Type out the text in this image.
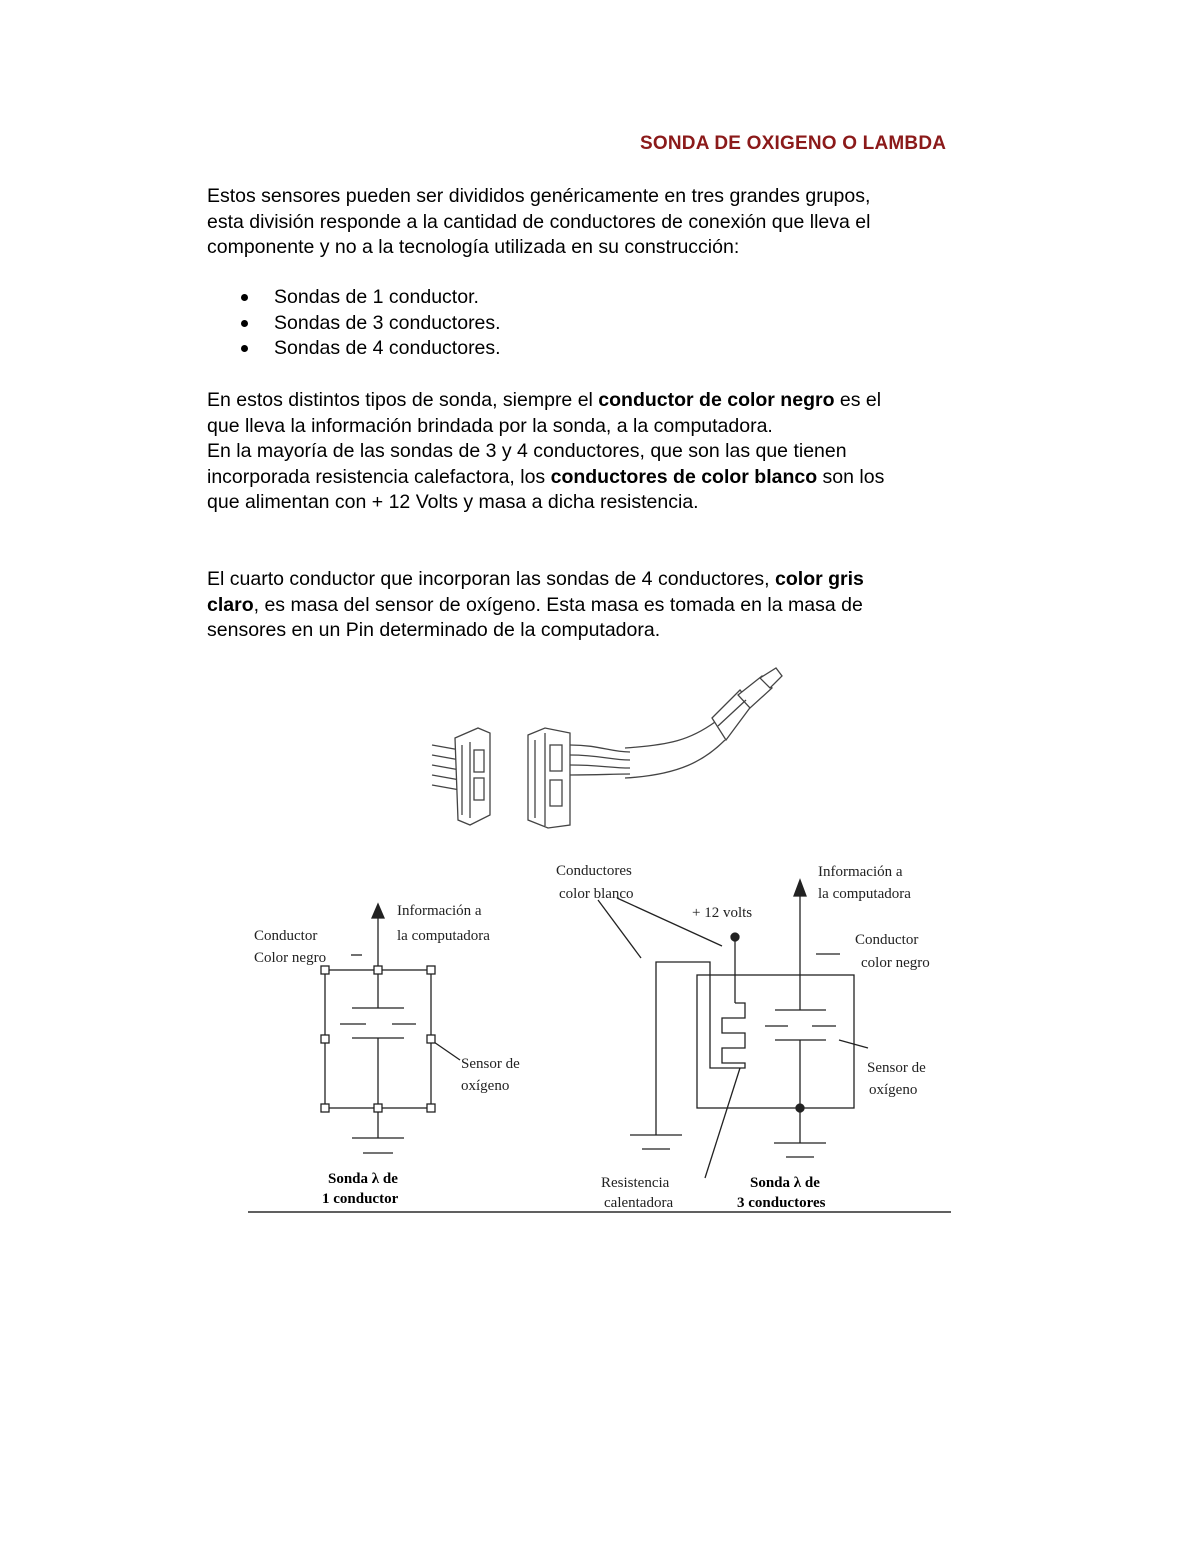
SONDA DE OXIGENO O LAMBDA

Estos sensores pueden ser divididos genéricamente en tres grandes grupos,
esta división responde a la cantidad de conductores de conexión que lleva el
componente y no a la tecnología utilizada en su construcción:

Sondas de 1 conductor.
Sondas de 3 conductores.
Sondas de 4 conductores.

En estos distintos tipos de sonda, siempre el conductor de color negro es el
que lleva la información brindada por la sonda, a la computadora.
En la mayoría de las sondas de 3 y 4 conductores, que son las que tienen
incorporada resistencia calefactora, los conductores de color blanco son los
que alimentan con + 12 Volts y masa a dicha resistencia.

El cuarto conductor que incorporan las sondas de 4 conductores, color gris
claro, es masa del sensor de oxígeno. Esta masa es tomada en la masa de
sensores en un Pin determinado de la computadora.

Información a
la computadora
Conductor
Color negro
Sensor de
oxígeno
Sonda λ de
1 conductor
Conductores
color blanco
+ 12 volts
Información a
la computadora
Conductor
color negro
Sensor de
oxígeno
Resistencia
calentadora
Sonda λ de
3 conductores
